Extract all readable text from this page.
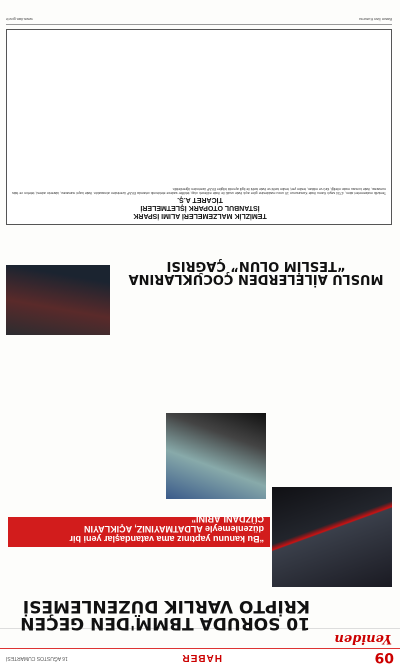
09
HABER
16 AĞUSTOS CUMARTESİ
Yeniden
10 SORUDA TBMM'DEN GEÇEN KRİPTO VARLIK DÜZENLEMESİ
“Bu kanunu yaptınız ama vatandaşlar yeni bir düzenlemeyle ALDATMAYINIZ, AÇIKLAYIN CÜZDANLARINI”
MUSLU AİLELERDEN ÇOCUKLARINA “TESLİM OLUN” ÇAĞRISI
TEMİZLİK MALZEMELERİ ALIMI İSPARK İSTANBUL OTOPARK İŞLETMELERİ TİCARET A.Ş.
Temizlik malzemeleri alımı, 4734 sayılı Kamu İhale Kanununun 19 uncu maddesine göre açık ihale usulü ile ihale edilecek olup, teklifler sadece elektronik ortamda EKAP üzerinden alınacaktır. İhale kayıt numarası, idarenin adresi, telefon ve faks numarası, ihale konusu malın niteliği, türü ve miktarı, teslim yeri, teslim tarihi ve ihale tarihi ile ilgili ayrıntılı bilgiler EKAP üzerinden öğrenilebilir.
Basın İlan Kurumu
www.ilan.gov.tr
